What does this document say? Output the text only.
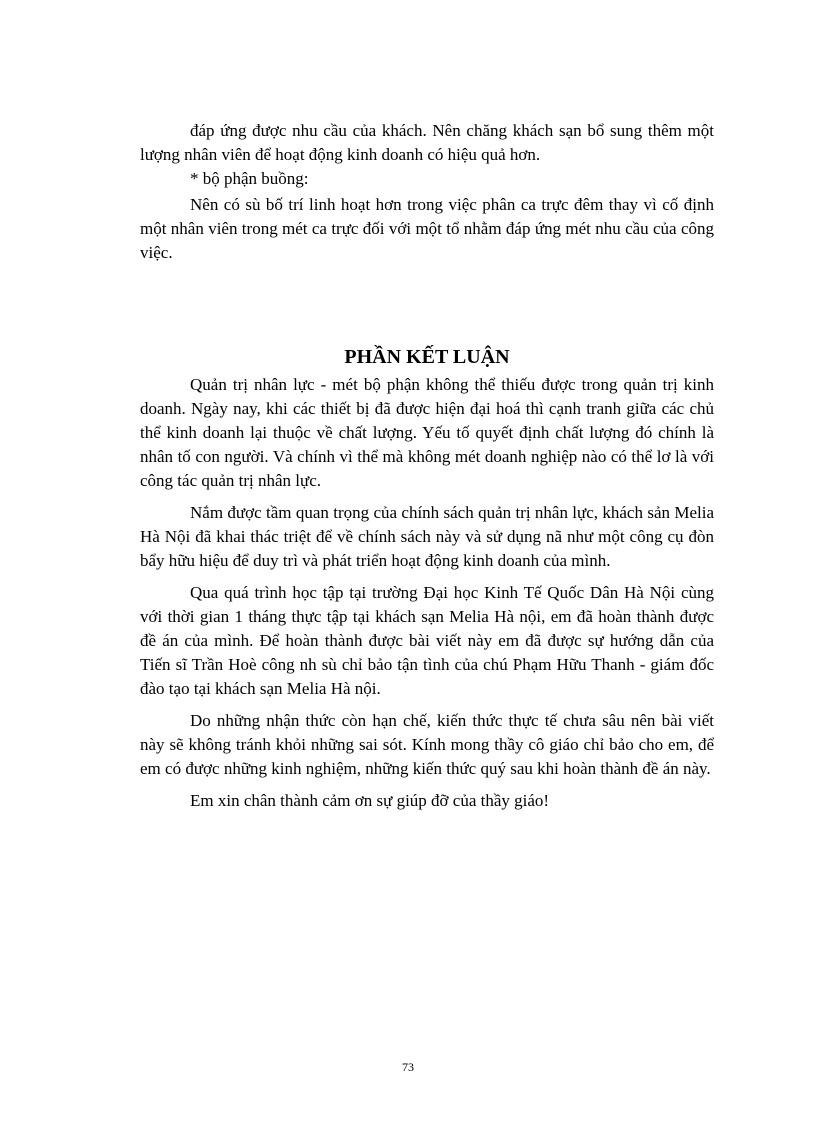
đáp ứng được nhu cầu của khách. Nên chăng khách sạn bổ sung thêm một lượng nhân viên để hoạt động kinh doanh có hiệu quả hơn.

* bộ phận buồng:

Nên có sù bố trí linh hoạt hơn trong việc phân ca trực đêm thay vì cố định một nhân viên trong mét ca trực đối với một tổ nhằm đáp ứng mét nhu cầu của công việc.

PHẦN KẾT LUẬN

Quản trị nhân lực - mét bộ phận không thể thiếu được trong quản trị kinh doanh. Ngày nay, khi các thiết bị đã được hiện đại hoá thì cạnh tranh giữa các chủ thể kinh doanh lại thuộc về chất lượng. Yếu tố quyết định chất lượng đó chính là nhân tố con người. Và chính vì thể mà không mét doanh nghiệp nào có thể lơ là với công tác quản trị nhân lực.

Nắm được tầm quan trọng của chính sách quản trị nhân lực, khách sản Melia Hà Nội đã khai thác triệt để về chính sách này và sử dụng nã như một công cụ đòn bẩy hữu hiệu để duy trì và phát triển hoạt động kinh doanh của mình.

Qua quá trình học tập tại trường Đại học Kinh Tế Quốc Dân Hà Nội cùng với thời gian 1 tháng thực tập tại khách sạn Melia Hà nội, em đã hoàn thành được đề án của mình. Để hoàn thành được bài viết này em đã được sự hướng dẫn của Tiến sĩ Trần Hoè công nh sù chỉ bảo tận tình của chú Phạm Hữu Thanh - giám đốc đào tạo tại khách sạn Melia Hà nội.

Do những nhận thức còn hạn chế, kiến thức thực tế chưa sâu nên bài viết này sẽ không tránh khỏi những sai sót. Kính mong thầy cô giáo chỉ bảo cho em, để em có được những kinh nghiệm, những kiến thức quý sau khi hoàn thành đề án này.

Em xin chân thành cảm ơn sự giúp đỡ của thầy giáo!

73
